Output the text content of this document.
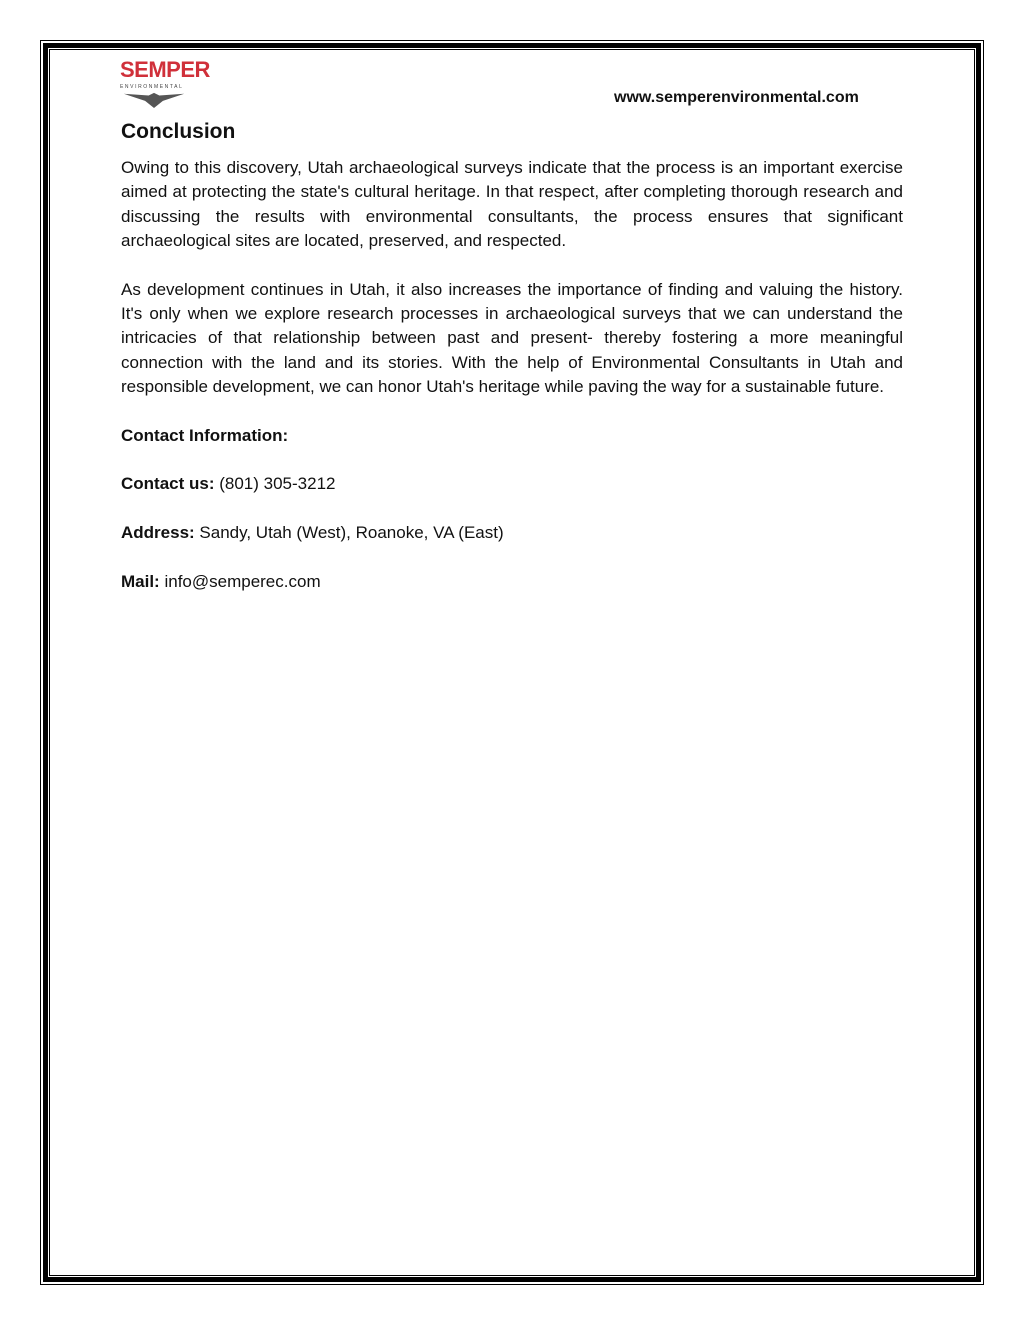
SEMPER
ENVIRONMENTAL
www.semperenvironmental.com
Conclusion

Owing to this discovery, Utah archaeological surveys indicate that the process is an important exercise aimed at protecting the state's cultural heritage. In that respect, after completing thorough research and discussing the results with environmental consultants, the process ensures that significant archaeological sites are located, preserved, and respected.

As development continues in Utah, it also increases the importance of finding and valuing the history. It's only when we explore research processes in archaeological surveys that we can understand the intricacies of that relationship between past and present- thereby fostering a more meaningful connection with the land and its stories. With the help of Environmental Consultants in Utah and responsible development, we can honor Utah's heritage while paving the way for a sustainable future.

Contact Information:

Contact us: (801) 305-3212

Address: Sandy, Utah (West), Roanoke, VA (East)

Mail: info@semperec.com
